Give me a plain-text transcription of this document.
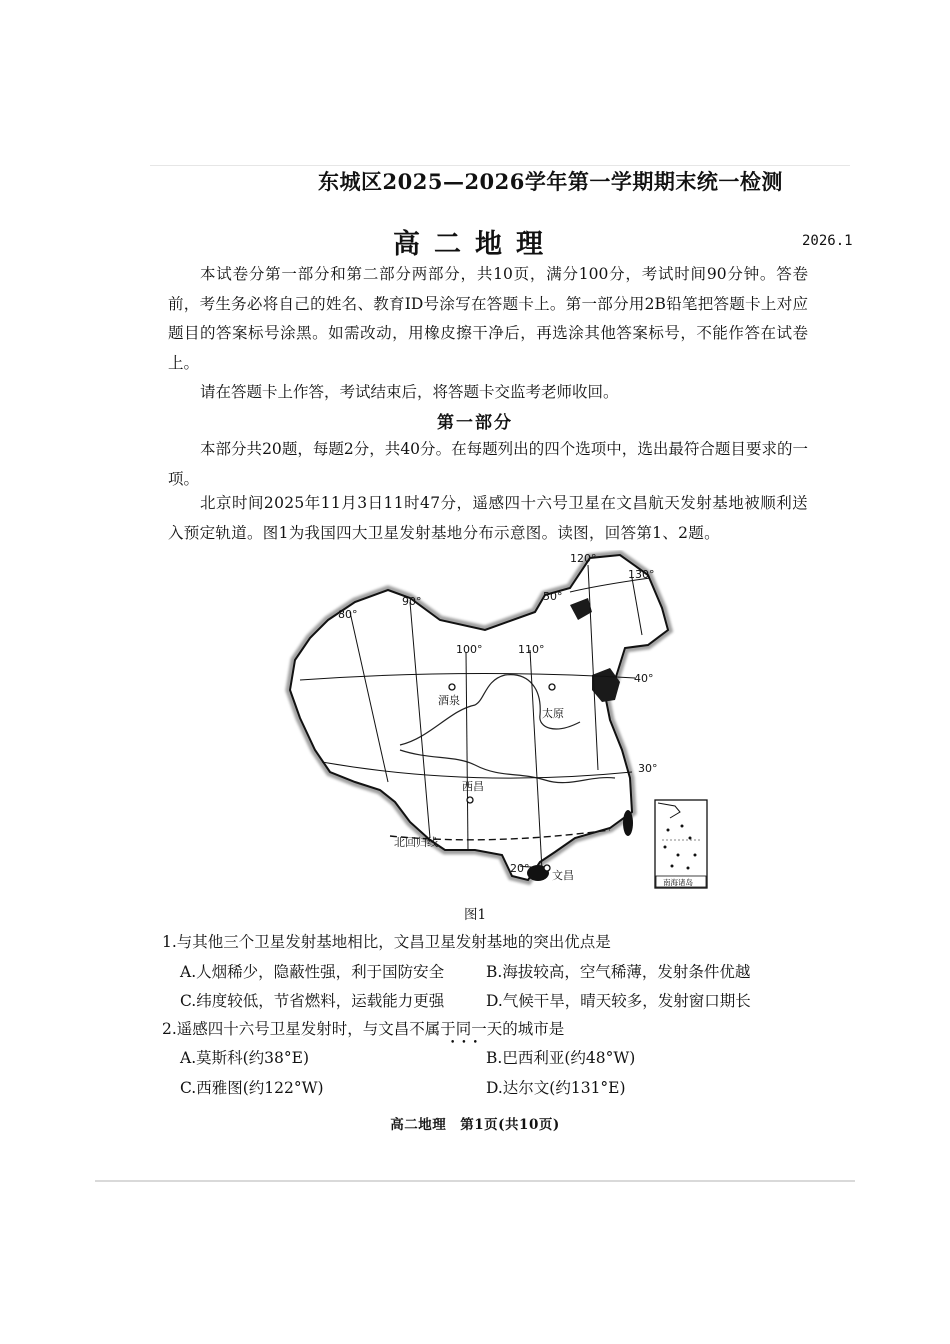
东城区2025—2026学年第一学期期末统一检测
高二地理	2026.1
本试卷分第一部分和第二部分两部分，共10页，满分100分，考试时间90分钟。答卷前，考生务必将自己的姓名、教育ID号涂写在答题卡上。第一部分用2B铅笔把答题卡上对应题目的答案标号涂黑。如需改动，用橡皮擦干净后，再选涂其他答案标号，不能作答在试卷上。
请在答题卡上作答，考试结束后，将答题卡交监考老师收回。
第一部分
本部分共20题，每题2分，共40分。在每题列出的四个选项中，选出最符合题目要求的一项。
北京时间2025年11月3日11时47分，遥感四十六号卫星在文昌航天发射基地被顺利送入预定轨道。图1为我国四大卫星发射基地分布示意图。读图，回答第1、2题。
80°
90°
100°	110°
120°
130°
50°
40°
30°
20°
酒泉
太原
西昌
文昌
北回归线
南海诸岛
图1
1.与其他三个卫星发射基地相比，文昌卫星发射基地的突出优点是
A.人烟稀少，隐蔽性强，利于国防安全	B.海拔较高，空气稀薄，发射条件优越
C.纬度较低，节省燃料，运载能力更强	D.气候干旱，晴天较多，发射窗口期长
2.遥感四十六号卫星发射时，与文昌不属于同一天的城市是
•••
A.莫斯科(约38°E)	B.巴西利亚(约48°W)
C.西雅图(约122°W)	D.达尔文(约131°E)
高二地理　第1页(共10页)
